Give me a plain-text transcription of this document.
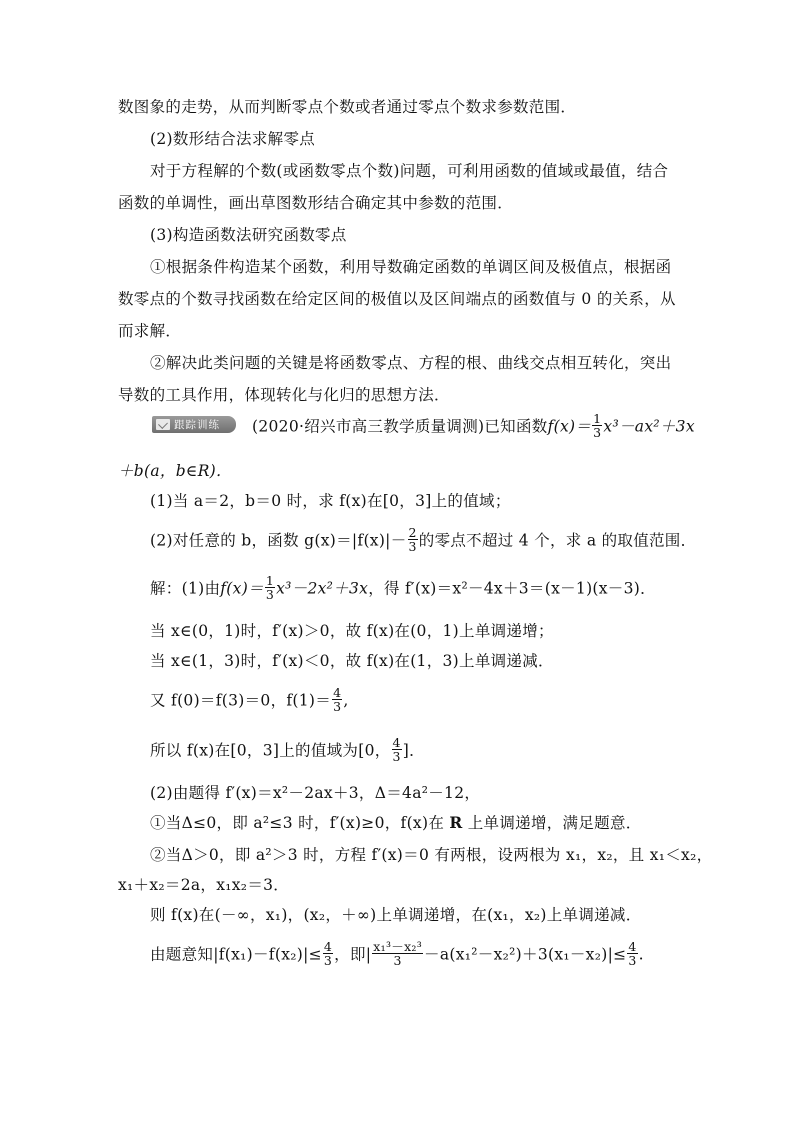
数图象的走势，从而判断零点个数或者通过零点个数求参数范围．
(2)数形结合法求解零点
对于方程解的个数(或函数零点个数)问题，可利用函数的值域或最值，结合
函数的单调性，画出草图数形结合确定其中参数的范围．
(3)构造函数法研究函数零点
①根据条件构造某个函数，利用导数确定函数的单调区间及极值点，根据函
数零点的个数寻找函数在给定区间的极值以及区间端点的函数值与 0 的关系，从
而求解．
②解决此类问题的关键是将函数零点、方程的根、曲线交点相互转化，突出
导数的工具作用，体现转化与化归的思想方法．
跟踪训练 (2020·绍兴市高三教学质量调测)已知函数$f(x)= \frac{1}{3} x^3-ax^2+3x$
＋b(a，b∈R)．
(1)当 a＝2，b＝0 时，求 f(x)在[0，3]上的值域；
(2)对任意的 b，函数 $g(x)=|f(x)|- \frac{2}{3}$ 的零点不超过 4 个，求 a 的取值范围．
解：(1)由$f(x)= \frac{1}{3} x^3-2x^2+3x$，得 f′(x)＝x²－4x＋3＝(x－1)(x－3)．
当 x∈(0，1)时，f′(x)＞0，故 f(x)在(0，1)上单调递增；
当 x∈(1，3)时，f′(x)＜0，故 f(x)在(1，3)上单调递减．
又 f(0)＝f(3)＝0，$f(1)= \frac{4}{3}$ ,
所以 f(x)在[0，3]上的值域为[0， $\frac{4}{3}$ ]．
(2)由题得 f′(x)＝x²－2ax＋3，Δ＝4a²－12，
①当Δ≤0，即 a²≤3 时，f′(x)≥0，f(x)在 R 上单调递增，满足题意．
②当Δ＞0，即 a²＞3 时，方程 f′(x)＝0 有两根，设两根为 x₁，x₂，且 x₁＜x₂，
x₁＋x₂＝2a，x₁x₂＝3．
则 f(x)在(－∞，x₁)，(x₂，＋∞)上单调递增，在(x₁，x₂)上单调递减．
由题意知$|f(x_1)-f(x_2)|\le \frac{4}{3}$ ，即| $\frac{\text{x₁³－x₂³}}{3} -a(x_1^2-x_2^2)+3(x_1-x_2)|\le \frac{4}{3}$ .
